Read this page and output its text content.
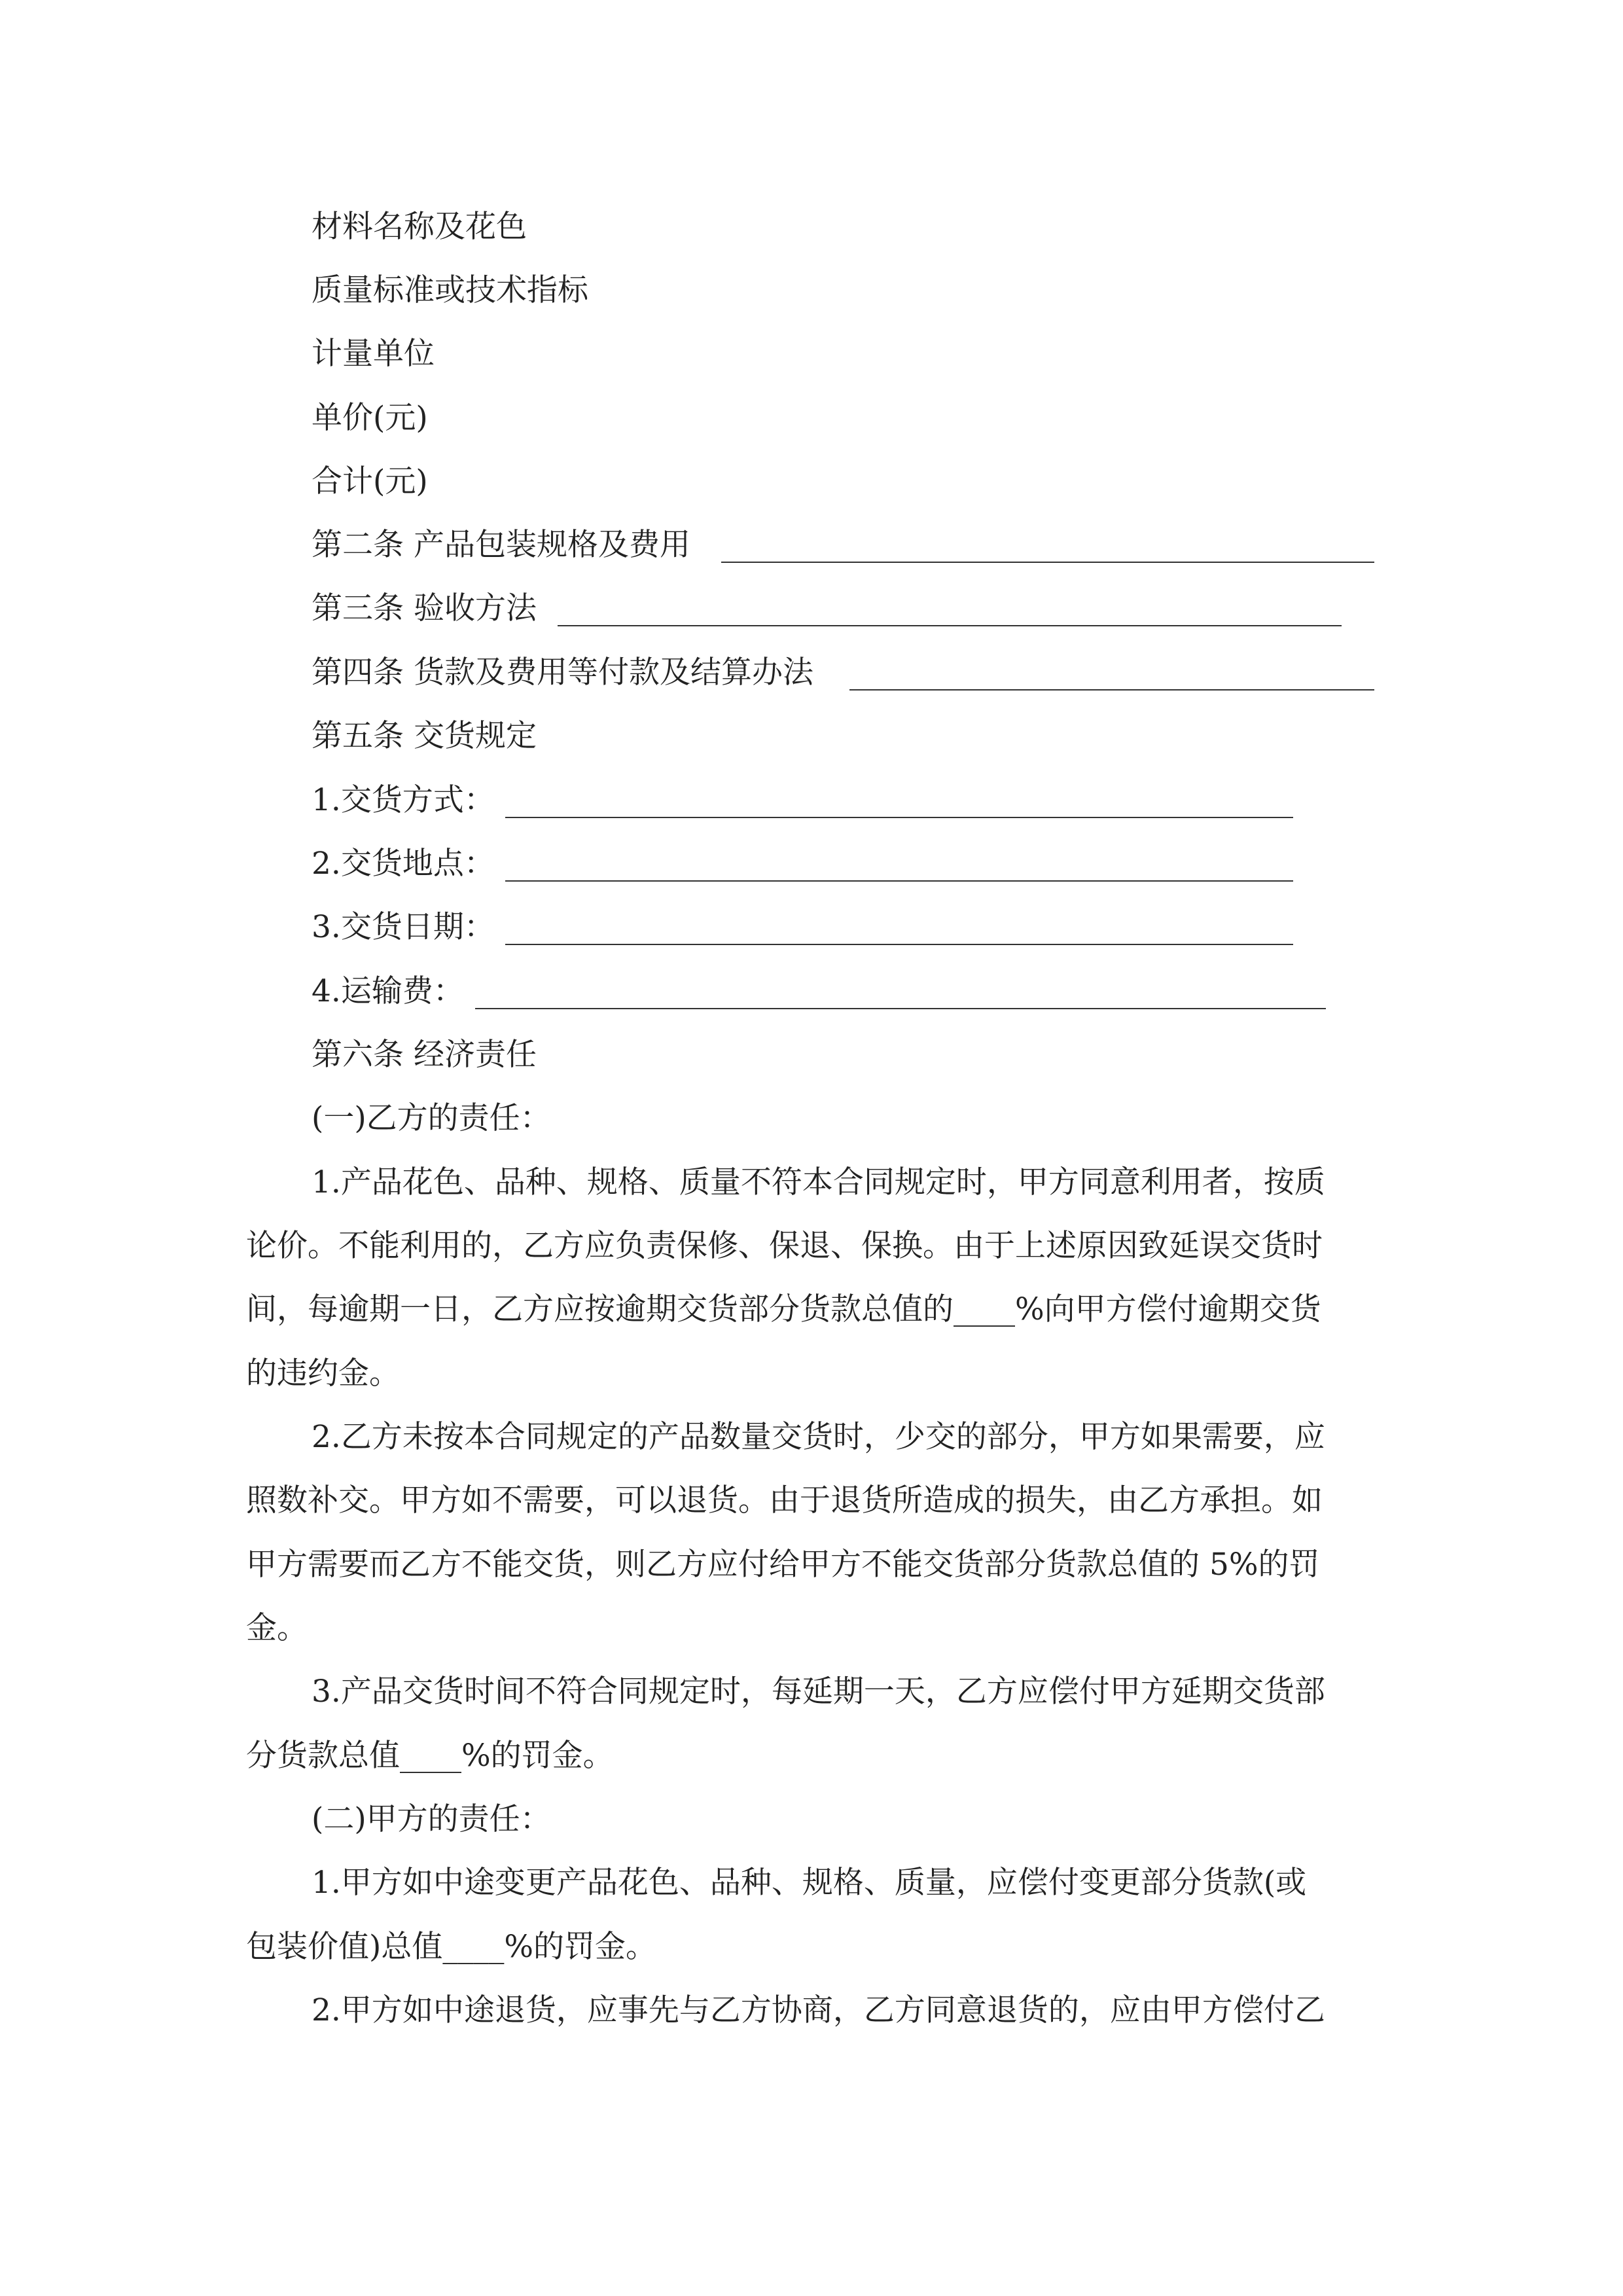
材料名称及花色
质量标准或技术指标
计量单位
单价(元)
合计(元)
第二条 产品包装规格及费用
第三条 验收方法
第四条 货款及费用等付款及结算办法
第五条 交货规定
1.交货方式：
2.交货地点：
3.交货日期：
4.运输费：
第六条 经济责任
(一)乙方的责任：
1.产品花色、品种、规格、质量不符本合同规定时，甲方同意利用者，按质
论价。不能利用的，乙方应负责保修、保退、保换。由于上述原因致延误交货时
间，每逾期一日，乙方应按逾期交货部分货款总值的____%向甲方偿付逾期交货
的违约金。
2.乙方未按本合同规定的产品数量交货时，少交的部分，甲方如果需要，应
照数补交。甲方如不需要，可以退货。由于退货所造成的损失，由乙方承担。如
甲方需要而乙方不能交货，则乙方应付给甲方不能交货部分货款总值的 5%的罚
金。
3.产品交货时间不符合同规定时，每延期一天，乙方应偿付甲方延期交货部
分货款总值____%的罚金。
(二)甲方的责任：
1.甲方如中途变更产品花色、品种、规格、质量，应偿付变更部分货款(或
包装价值)总值____%的罚金。
2.甲方如中途退货，应事先与乙方协商，乙方同意退货的，应由甲方偿付乙
